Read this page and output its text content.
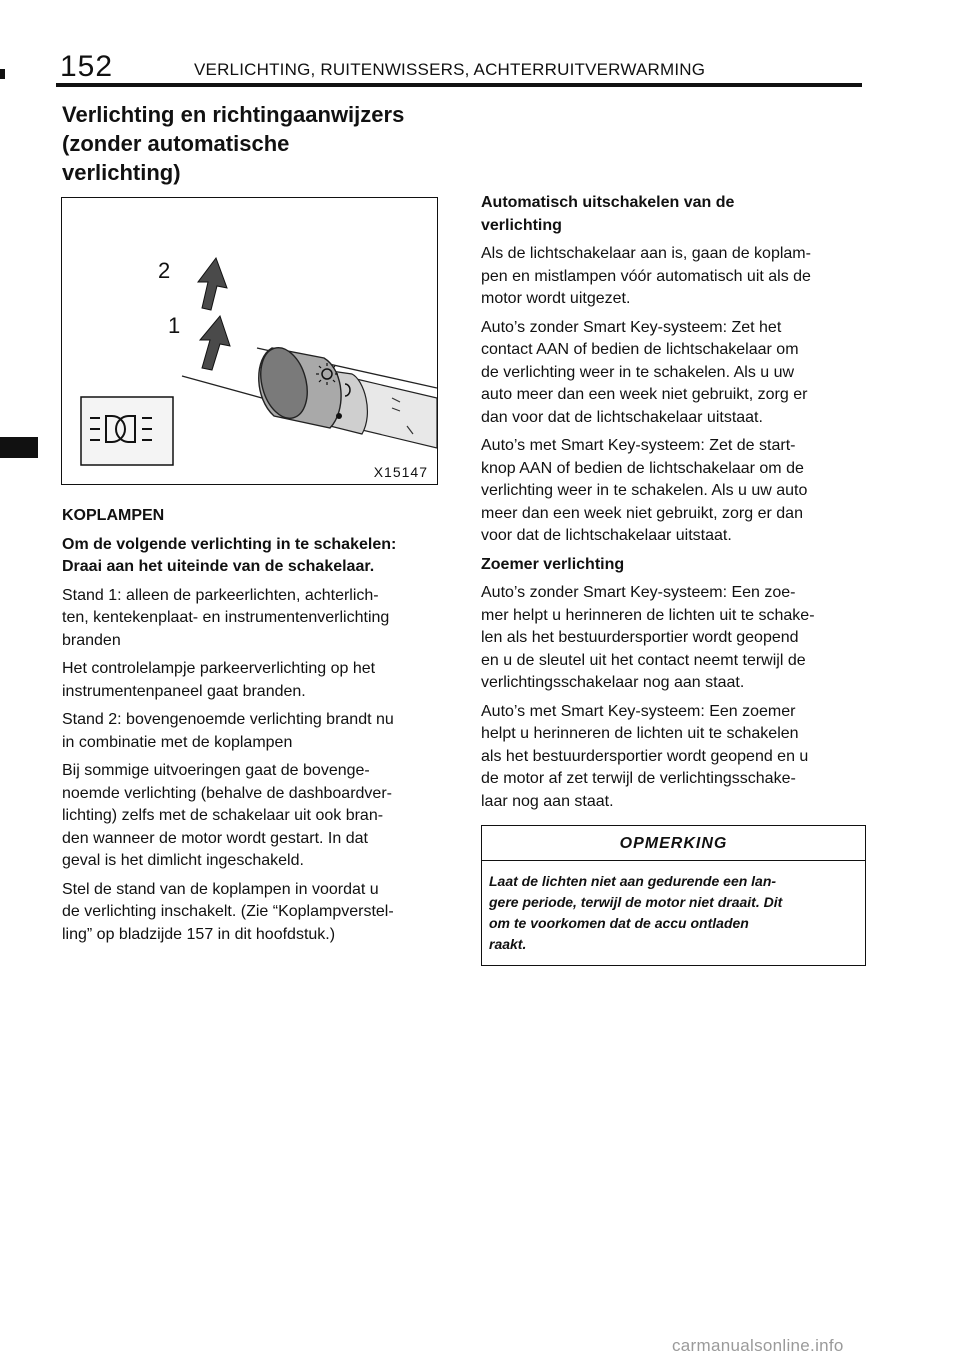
152	VERLICHTING, RUITENWISSERS, ACHTERRUITVERWARMING
Verlichting en richtingaanwijzers
(zonder automatische
verlichting)
2
1
X15147

KOPLAMPEN

Om de volgende verlichting in te schakelen:
Draai aan het uiteinde van de schakelaar.

Stand 1: alleen de parkeerlichten, achterlich-
ten, kentekenplaat- en instrumentenverlichting
branden

Het controlelampje parkeerverlichting op het
instrumentenpaneel gaat branden.

Stand 2: bovengenoemde verlichting brandt nu
in combinatie met de koplampen

Bij sommige uitvoeringen gaat de bovenge-
noemde verlichting (behalve de dashboardver-
lichting) zelfs met de schakelaar uit ook bran-
den wanneer de motor wordt gestart. In dat
geval is het dimlicht ingeschakeld.

Stel de stand van de koplampen in voordat u
de verlichting inschakelt. (Zie “Koplampverstel-
ling” op bladzijde 157 in dit hoofdstuk.)

Automatisch uitschakelen van de
verlichting

Als de lichtschakelaar aan is, gaan de koplam-
pen en mistlampen vóór automatisch uit als de
motor wordt uitgezet.

Auto’s zonder Smart Key-systeem: Zet het
contact AAN of bedien de lichtschakelaar om
de verlichting weer in te schakelen. Als u uw
auto meer dan een week niet gebruikt, zorg er
dan voor dat de lichtschakelaar uitstaat.

Auto’s met Smart Key-systeem: Zet de start-
knop AAN of bedien de lichtschakelaar om de
verlichting weer in te schakelen. Als u uw auto
meer dan een week niet gebruikt, zorg er dan
voor dat de lichtschakelaar uitstaat.

Zoemer verlichting

Auto’s zonder Smart Key-systeem: Een zoe-
mer helpt u herinneren de lichten uit te schake-
len als het bestuurdersportier wordt geopend
en u de sleutel uit het contact neemt terwijl de
verlichtingsschakelaar nog aan staat.

Auto’s met Smart Key-systeem: Een zoemer
helpt u herinneren de lichten uit te schakelen
als het bestuurdersportier wordt geopend en u
de motor af zet terwijl de verlichtingsschake-
laar nog aan staat.

OPMERKING
Laat de lichten niet aan gedurende een lan-
gere periode, terwijl de motor niet draait. Dit
om te voorkomen dat de accu ontladen
raakt.
carmanualsonline.info
